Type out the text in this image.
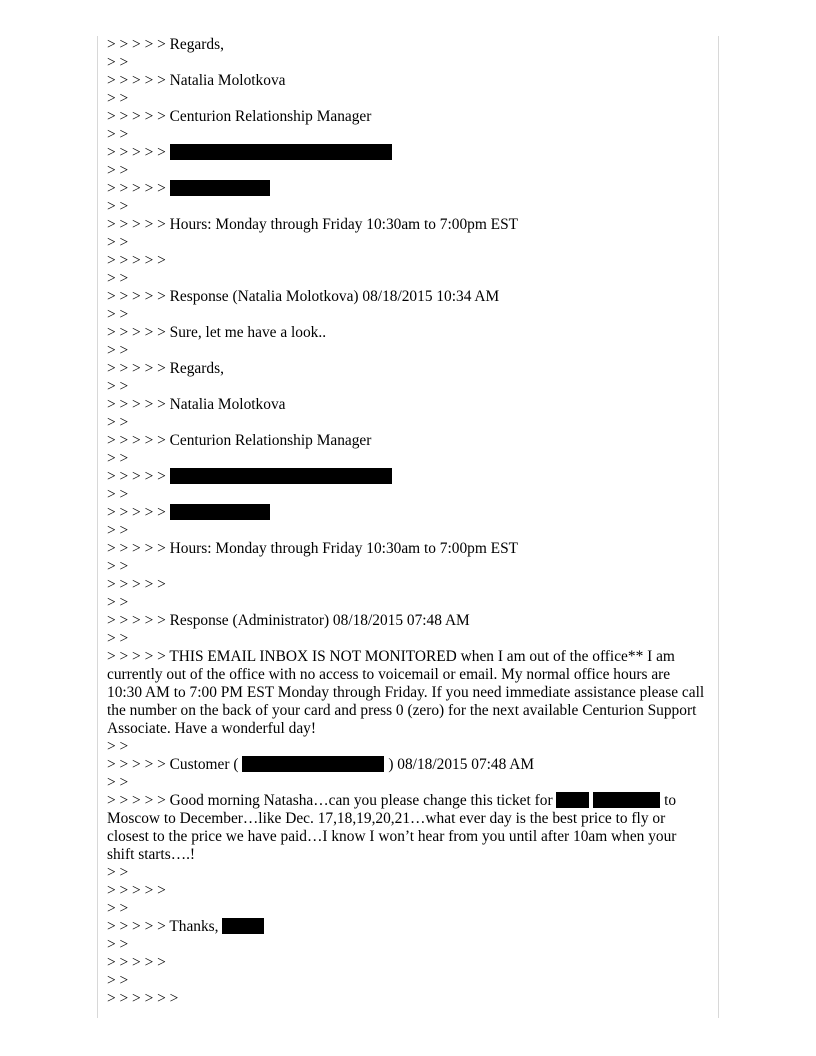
> > > > > Regards,

> >

> > > > > Natalia Molotkova

> >

> > > > > Centurion Relationship Manager

> >

> > > > >

> >

> > > > >

> >

> > > > > Hours: Monday through Friday 10:30am to 7:00pm EST

> >

> > > > >

> >

> > > > > Response (Natalia Molotkova) 08/18/2015 10:34 AM

> >

> > > > > Sure, let me have a look..

> >

> > > > > Regards,

> >

> > > > > Natalia Molotkova

> >

> > > > > Centurion Relationship Manager

> >

> > > > >

> >

> > > > >

> >

> > > > > Hours: Monday through Friday 10:30am to 7:00pm EST

> >

> > > > >

> >

> > > > > Response (Administrator) 08/18/2015 07:48 AM

> >

> > > > > THIS EMAIL INBOX IS NOT MONITORED when I am out of the office** I am currently out of the office with no access to voicemail or email. My normal office hours are 10:30 AM to 7:00 PM EST Monday through Friday. If you need immediate assistance please call the number on the back of your card and press 0 (zero) for the next available Centurion Support Associate. Have a wonderful day!

> >

> > > > > Customer (	) 08/18/2015 07:48 AM

> >

> > > > > Good morning Natasha…can you please change this ticket for	to Moscow to December…like Dec. 17,18,19,20,21…what ever day is the best price to fly or closest to the price we have paid…I know I won’t hear from you until after 10am when your shift starts….!

> >

> > > > >

> >

> > > > > Thanks,

> >

> > > > >

> >

> > > > > >
